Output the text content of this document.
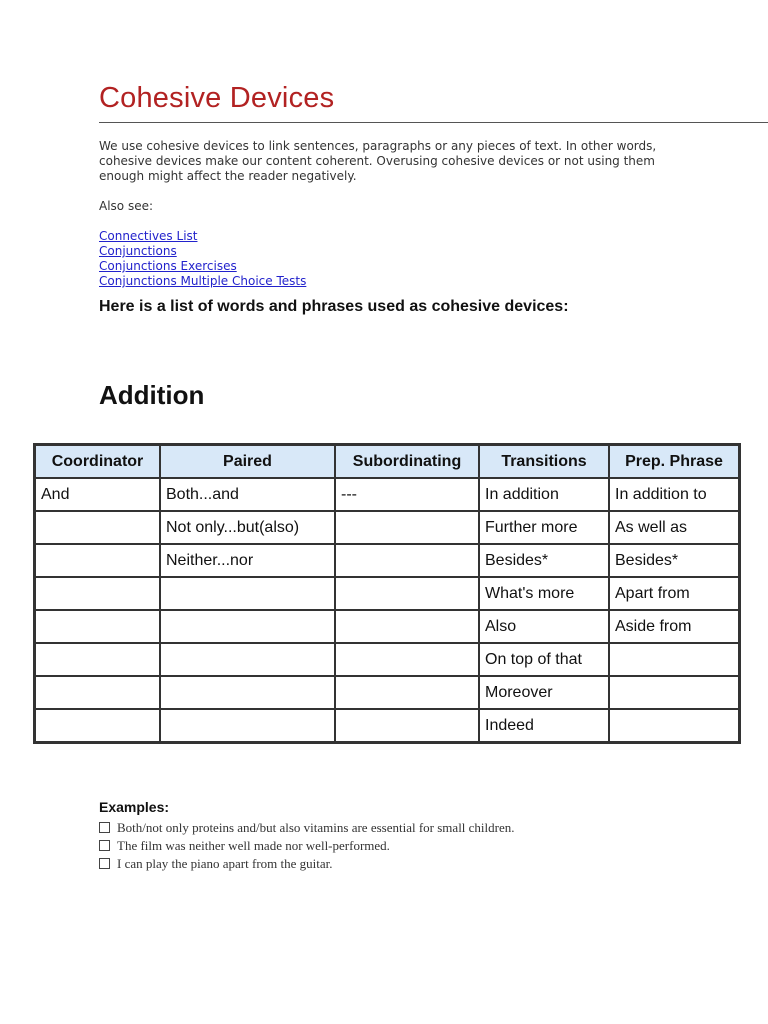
Cohesive Devices

We use cohesive devices to link sentences, paragraphs or any pieces of text. In other words, cohesive devices make our content coherent. Overusing cohesive devices or not using them enough might affect the reader negatively.

Also see:

Connectives List
Conjunctions
Conjunctions Exercises
Conjunctions Multiple Choice Tests

Here is a list of words and phrases used as cohesive devices:

Addition
Coordinator	Paired	Subordinating	Transitions	Prep. Phrase
And	Both...and	---	In addition	In addition to
	Not only...but(also)		Further more	As well as
	Neither...nor		Besides*	Besides*
			What's more	Apart from
			Also	Aside from
			On top of that	
			Moreover	
			Indeed	

Examples:

Both/not only proteins and/but also vitamins are essential for small children.
The film was neither well made nor well-performed.
I can play the piano apart from the guitar.
